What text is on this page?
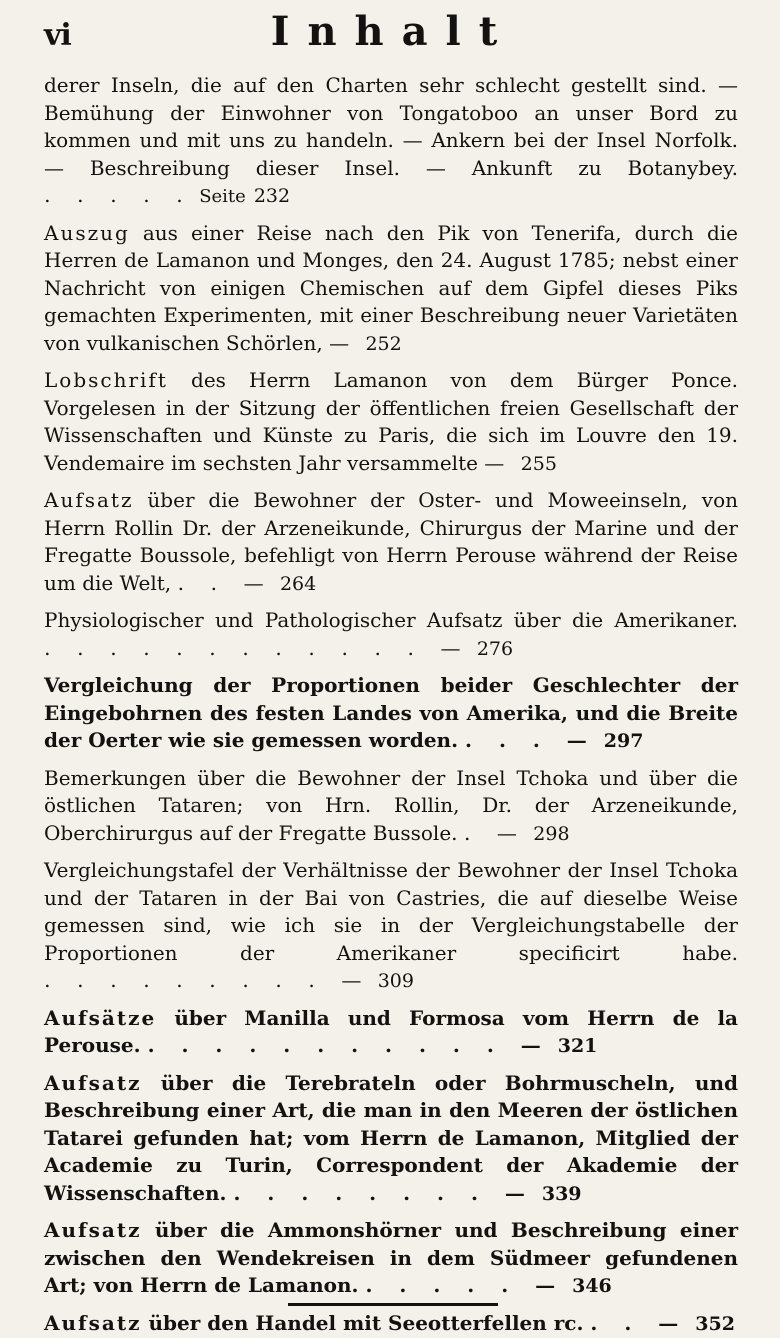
vi	Inhalt
derer Inseln, die auf den Charten sehr schlecht gestellt sind. — Bemühung der Einwohner von Tongatoboo an unser Bord zu kommen und mit uns zu handeln. — Ankern bei der Insel Norfolk. — Beschreibung dieser Insel. — Ankunft zu Botanybey. ․ ․ ․ ․ ․ Seite 232
Auszug aus einer Reise nach den Pik von Tenerifa, durch die Herren de Lamanon und Monges, den 24. August 1785; nebst einer Nachricht von einigen Chemischen auf dem Gipfel dieses Piks gemachten Experimenten, mit einer Beschreibung neuer Varietäten von vulkanischen Schörlen, — 252
Lobschrift des Herrn Lamanon von dem Bürger Ponce. Vorgelesen in der Sitzung der öffentlichen freien Gesellschaft der Wissenschaften und Künste zu Paris, die sich im Louvre den 19. Vendemaire im sechsten Jahr versammelte — 255
Aufsatz über die Bewohner der Oster- und Moweeinseln, von Herrn Rollin Dr. der Arzeneikunde, Chirurgus der Marine und der Fregatte Boussole, befehligt von Herrn Perouse während der Reise um die Welt, ․ ․ — 264
Physiologischer und Pathologischer Aufsatz über die Amerikaner. ․ ․ ․ ․ ․ ․ ․ ․ ․ ․ ․ ․ — 276
Vergleichung der Proportionen beider Geschlechter der Eingebohrnen des festen Landes von Amerika, und die Breite der Oerter wie sie gemessen worden. ․ ․ ․ — 297
Bemerkungen über die Bewohner der Insel Tchoka und über die östlichen Tataren; von Hrn. Rollin, Dr. der Arzeneikunde, Oberchirurgus auf der Fregatte Bussole. ․ — 298
Vergleichungstafel der Verhältnisse der Bewohner der Insel Tchoka und der Tataren in der Bai von Castries, die auf dieselbe Weise gemessen sind, wie ich sie in der Vergleichungstabelle der Proportionen der Amerikaner specificirt habe. ․ ․ ․ ․ ․ ․ ․ ․ ․ — 309
Aufsätze über Manilla und Formosa vom Herrn de la Perouse. ․ ․ ․ ․ ․ ․ ․ ․ ․ ․ ․ — 321
Aufsatz über die Terebrateln oder Bohrmuscheln, und Beschreibung einer Art, die man in den Meeren der östlichen Tatarei gefunden hat; vom Herrn de Lamanon, Mitglied der Academie zu Turin, Correspondent der Akademie der Wissenschaften. ․ ․ ․ ․ ․ ․ ․ ․ — 339
Aufsatz über die Ammonshörner und Beschreibung einer zwischen den Wendekreisen in dem Südmeer gefundenen Art; von Herrn de Lamanon. ․ ․ ․ ․ ․ — 346
Aufsatz über den Handel mit Seeotterfellen rc. ․ ․ — 352
